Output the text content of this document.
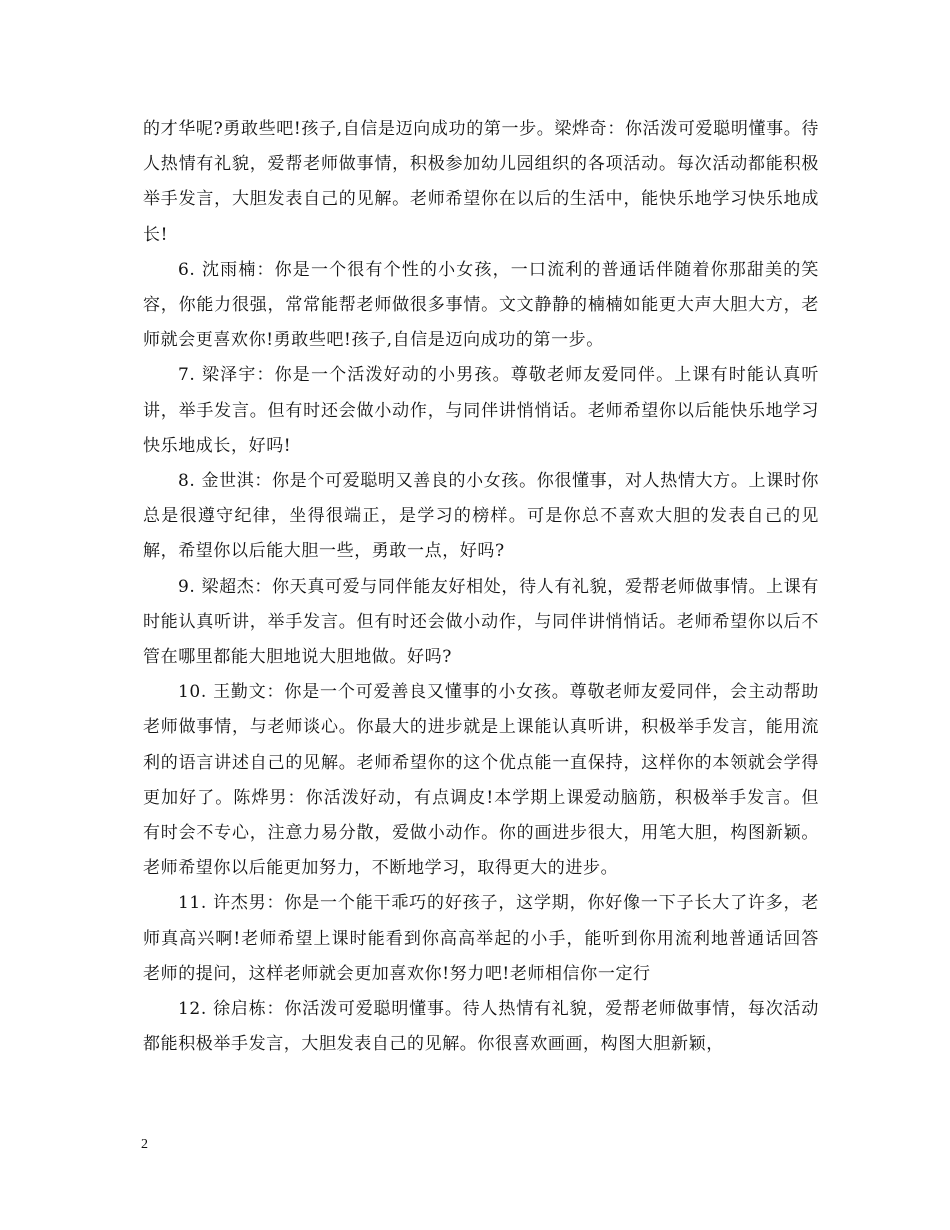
的才华呢?勇敢些吧!孩子,自信是迈向成功的第一步。梁烨奇：你活泼可爱聪明懂事。待人热情有礼貌，爱帮老师做事情，积极参加幼儿园组织的各项活动。每次活动都能积极举手发言，大胆发表自己的见解。老师希望你在以后的生活中，能快乐地学习快乐地成长!

6. 沈雨楠：你是一个很有个性的小女孩，一口流利的普通话伴随着你那甜美的笑容，你能力很强，常常能帮老师做很多事情。文文静静的楠楠如能更大声大胆大方，老师就会更喜欢你!勇敢些吧!孩子,自信是迈向成功的第一步。

7. 梁泽宇：你是一个活泼好动的小男孩。尊敬老师友爱同伴。上课有时能认真听讲，举手发言。但有时还会做小动作，与同伴讲悄悄话。老师希望你以后能快乐地学习快乐地成长，好吗!

8. 金世淇：你是个可爱聪明又善良的小女孩。你很懂事，对人热情大方。上课时你总是很遵守纪律，坐得很端正，是学习的榜样。可是你总不喜欢大胆的发表自己的见解，希望你以后能大胆一些，勇敢一点，好吗?

9. 梁超杰：你天真可爱与同伴能友好相处，待人有礼貌，爱帮老师做事情。上课有时能认真听讲，举手发言。但有时还会做小动作，与同伴讲悄悄话。老师希望你以后不管在哪里都能大胆地说大胆地做。好吗?

10. 王勤文：你是一个可爱善良又懂事的小女孩。尊敬老师友爱同伴，会主动帮助老师做事情，与老师谈心。你最大的进步就是上课能认真听讲，积极举手发言，能用流利的语言讲述自己的见解。老师希望你的这个优点能一直保持，这样你的本领就会学得更加好了。陈烨男：你活泼好动，有点调皮!本学期上课爱动脑筋，积极举手发言。但有时会不专心，注意力易分散，爱做小动作。你的画进步很大，用笔大胆，构图新颖。老师希望你以后能更加努力，不断地学习，取得更大的进步。

11. 许杰男：你是一个能干乖巧的好孩子，这学期，你好像一下子长大了许多，老师真高兴啊!老师希望上课时能看到你高高举起的小手，能听到你用流利地普通话回答老师的提问，这样老师就会更加喜欢你!努力吧!老师相信你一定行

12. 徐启栋：你活泼可爱聪明懂事。待人热情有礼貌，爱帮老师做事情，每次活动都能积极举手发言，大胆发表自己的见解。你很喜欢画画，构图大胆新颖，

2
